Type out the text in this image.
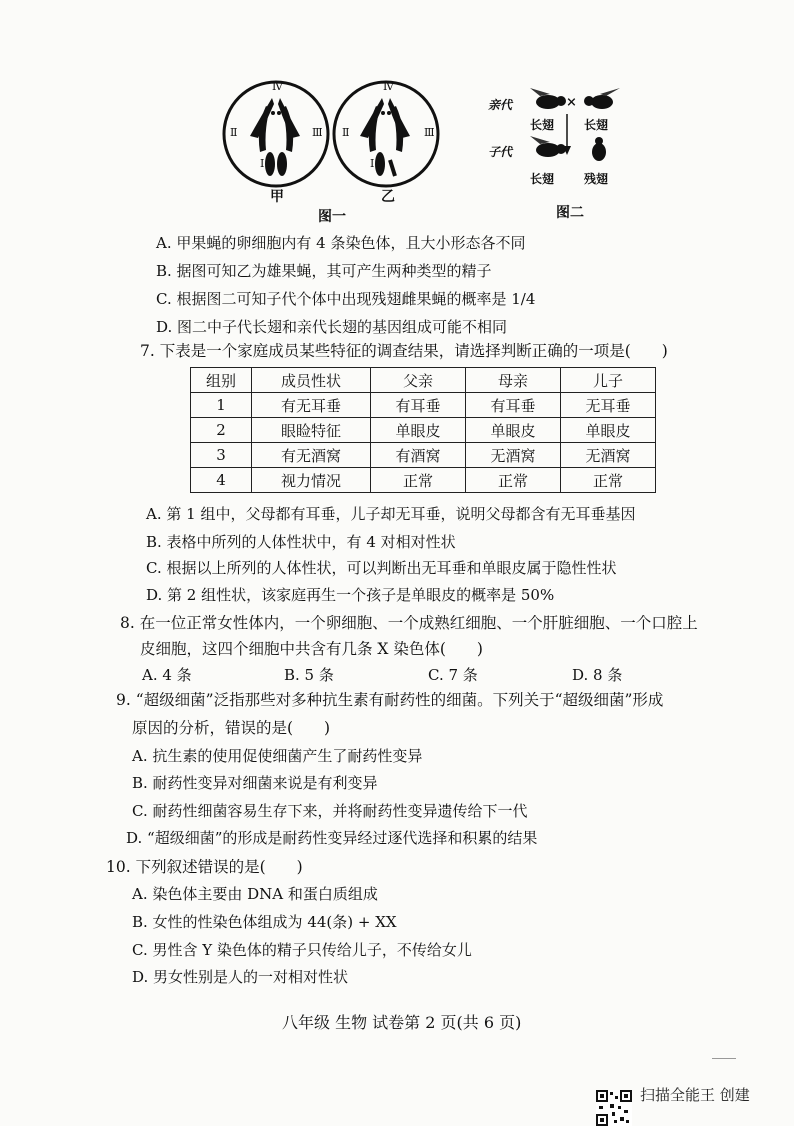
Ⅳ	Ⅳ
Ⅱ	Ⅲ Ⅱ	Ⅲ
Ⅰ	Ⅰ
甲	乙
图一
亲代
子代
×
长翅 长翅
长翅 残翅
图二
A. 甲果蝇的卵细胞内有 4 条染色体，且大小形态各不同
B. 据图可知乙为雄果蝇，其可产生两种类型的精子
C. 根据图二可知子代个体中出现残翅雌果蝇的概率是 1/4
D. 图二中子代长翅和亲代长翅的基因组成可能不相同
7. 下表是一个家庭成员某些特征的调查结果，请选择判断正确的一项是(　　)
组别	成员性状	父亲	母亲	儿子
1	有无耳垂	有耳垂	有耳垂	无耳垂
2	眼睑特征	单眼皮	单眼皮	单眼皮
3	有无酒窝	有酒窝	无酒窝	无酒窝
4	视力情况	正常	正常	正常
A. 第 1 组中，父母都有耳垂，儿子却无耳垂，说明父母都含有无耳垂基因
B. 表格中所列的人体性状中，有 4 对相对性状
C. 根据以上所列的人体性状，可以判断出无耳垂和单眼皮属于隐性性状
D. 第 2 组性状，该家庭再生一个孩子是单眼皮的概率是 50%
8. 在一位正常女性体内，一个卵细胞、一个成熟红细胞、一个肝脏细胞、一个口腔上
皮细胞，这四个细胞中共含有几条 X 染色体(　　)
A. 4 条	B. 5 条	C. 7 条	D. 8 条
9. “超级细菌”泛指那些对多种抗生素有耐药性的细菌。下列关于“超级细菌”形成
原因的分析，错误的是(　　)
A. 抗生素的使用促使细菌产生了耐药性变异
B. 耐药性变异对细菌来说是有利变异
C. 耐药性细菌容易生存下来，并将耐药性变异遗传给下一代
D. “超级细菌”的形成是耐药性变异经过逐代选择和积累的结果
10. 下列叙述错误的是(　　)
A. 染色体主要由 DNA 和蛋白质组成
B. 女性的性染色体组成为 44(条) + XX
C. 男性含 Y 染色体的精子只传给儿子，不传给女儿
D. 男女性别是人的一对相对性状
八年级 生物 试卷第 2 页(共 6 页)
扫描全能王 创建
